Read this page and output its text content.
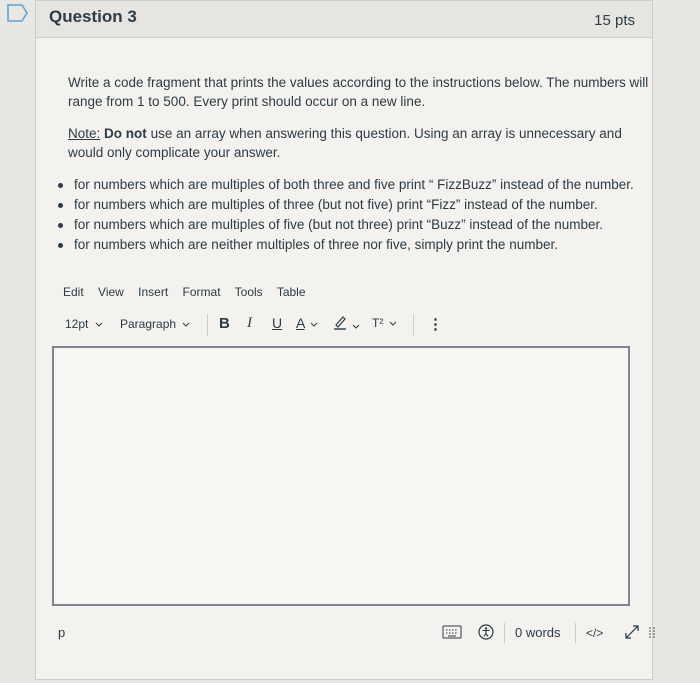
Question 3	15 pts
Write a code fragment that prints the values according to the instructions below. The numbers will range from 1 to 500. Every print should occur on a new line.
Note: Do not use an array when answering this question. Using an array is unnecessary and would only complicate your answer.
for numbers which are multiples of both three and five print “ FizzBuzz” instead of the number.
for numbers which are multiples of three (but not five) print “Fizz” instead of the number.
for numbers which are multiples of five (but not three) print “Buzz” instead of the number.
for numbers which are neither multiples of three nor five, simply print the number.
Edit View Insert Format Tools Table
12pt	Paragraph	B I U A
	T²	⋮
p	0 words </>
